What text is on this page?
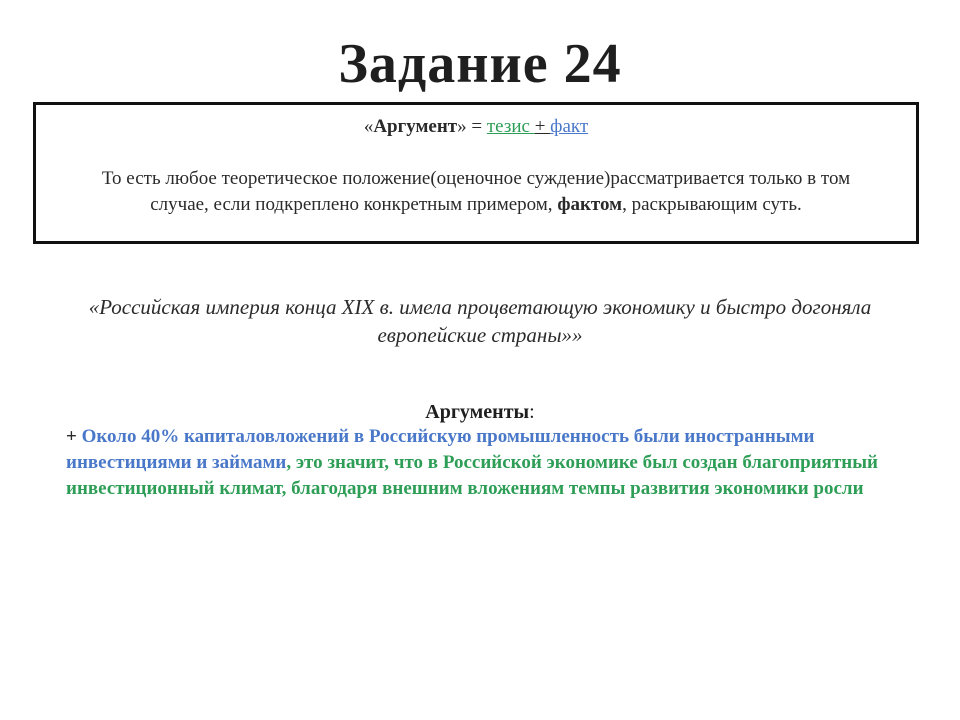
Задание 24
«Аргумент» = тезис + факт
То есть любое теоретическое положение(оценочное суждение)рассматривается только в том случае, если подкреплено конкретным примером, фактом, раскрывающим суть.
«Российская империя конца XIX в. имела процветающую экономику и быстро догоняла европейские страны»»
Аргументы:
+ Около 40% капиталовложений в Российскую промышленность были иностранными инвестициями и займами, это значит, что в Российской экономике был создан благоприятный инвестиционный климат, благодаря внешним вложениям темпы развития экономики росли
